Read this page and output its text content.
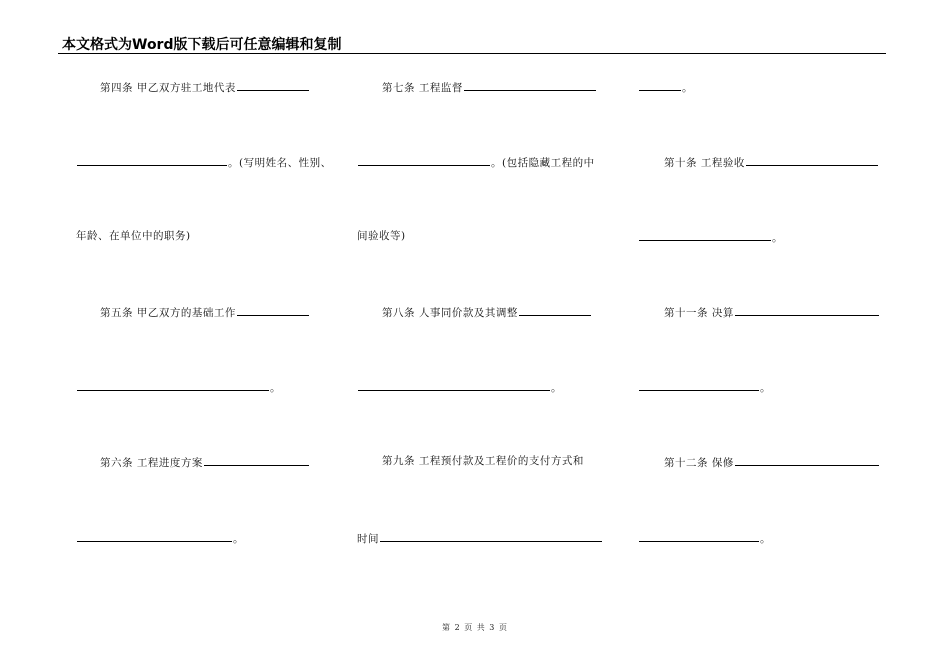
本文格式为Word版下载后可任意编辑和复制
第四条 甲乙双方驻工地代表
。(写明姓名、性别、
年龄、在单位中的职务)
第五条 甲乙双方的基础工作
。
第六条 工程进度方案
。
第七条 工程监督
。(包括隐藏工程的中
间验收等)
第八条 人事同价款及其调整
。
第九条 工程预付款及工程价的支付方式和
时间
。
第十条 工程验收
。
第十一条 决算
。
第十二条 保修
。
第 2 页 共 3 页
